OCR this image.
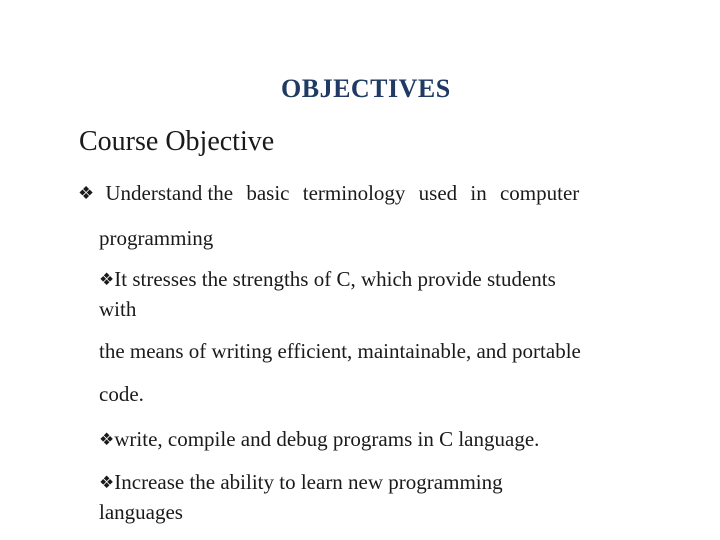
OBJECTIVES
Course Objective
❖ Understand the basic terminology used in computer
programming
❖It stresses the strengths of C, which provide students
with
the means of writing efficient, maintainable, and portable
code.
❖write, compile and debug programs in C language.
❖Increase the ability to learn new programming
languages
